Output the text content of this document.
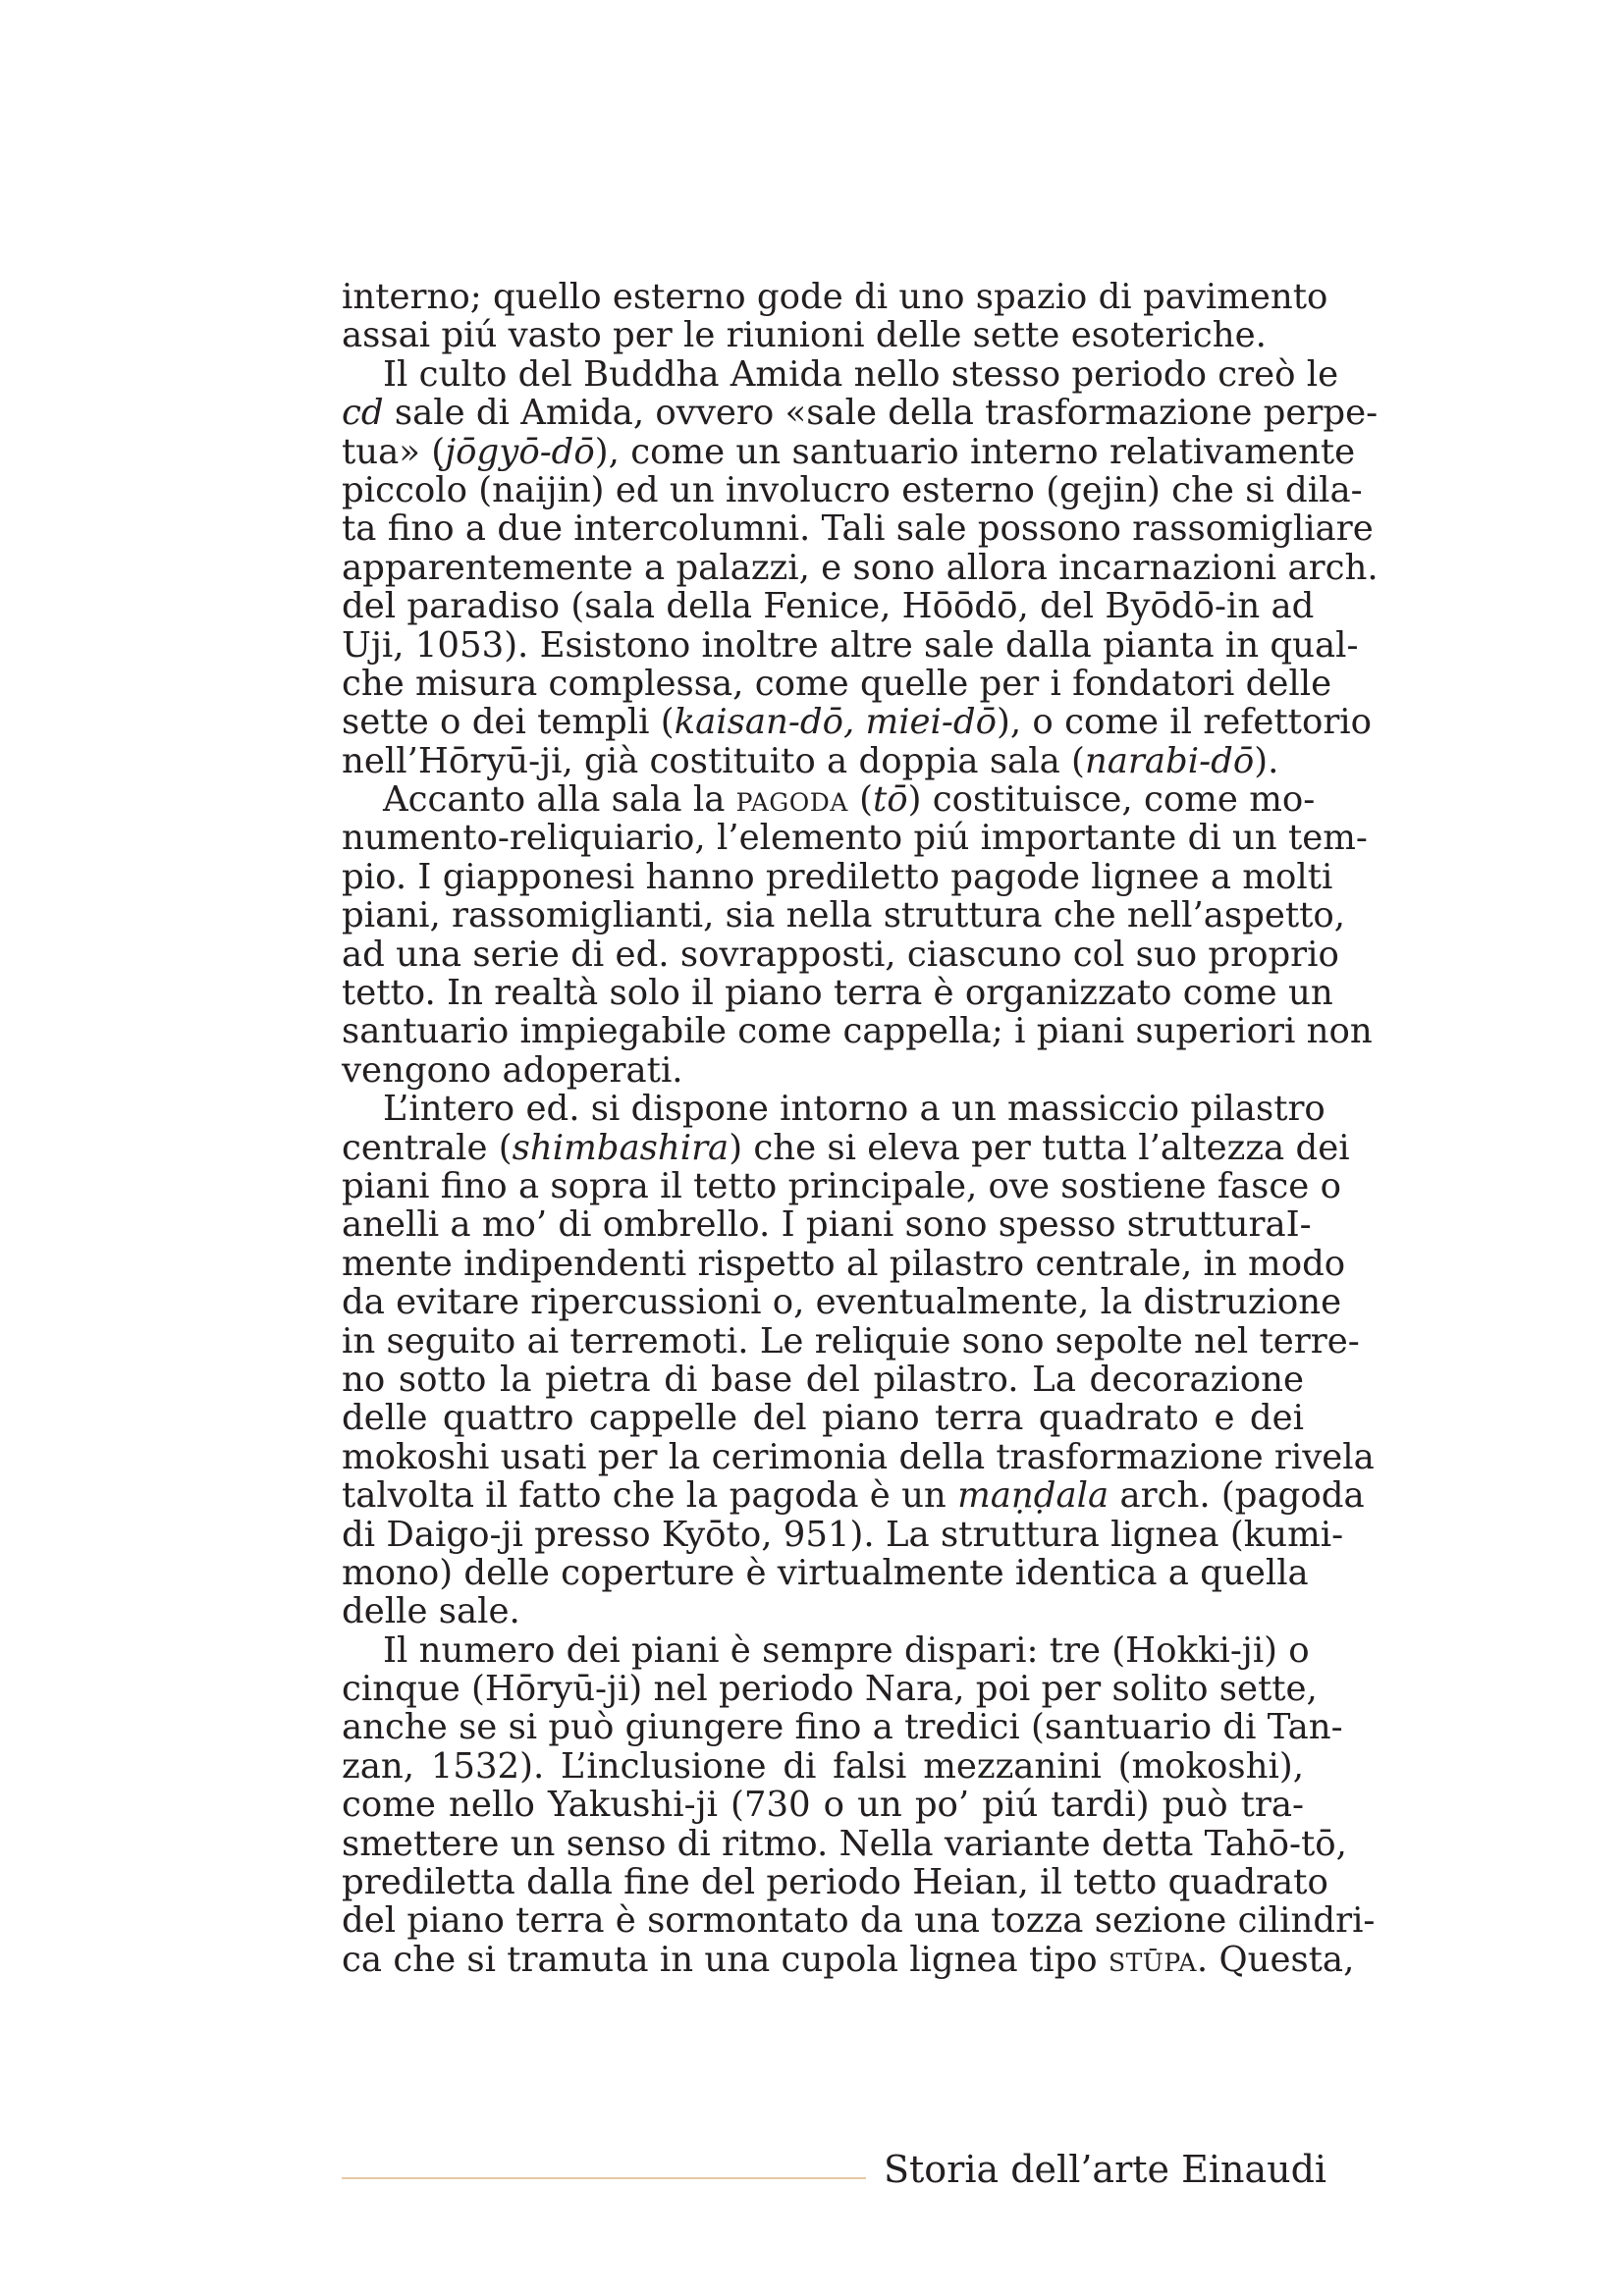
interno; quello esterno gode di uno spazio di pavimento
assai piú vasto per le riunioni delle sette esoteriche.
Il culto del Buddha Amida nello stesso periodo creò le
cd sale di Amida, ovvero «sale della trasformazione perpe-
tua» (jōgyō-dō), come un santuario interno relativamente
piccolo (naijin) ed un involucro esterno (gejin) che si dila-
ta fino a due intercolumni. Tali sale possono rassomigliare
apparentemente a palazzi, e sono allora incarnazioni arch.
del paradiso (sala della Fenice, Hōōdō, del Byōdō-in ad
Uji, 1053). Esistono inoltre altre sale dalla pianta in qual-
che misura complessa, come quelle per i fondatori delle
sette o dei templi (kaisan-dō, miei-dō), o come il refettorio
nell’Hōryū-ji, già costituito a doppia sala (narabi-dō).
Accanto alla sala la pagoda (tō) costituisce, come mo-
numento-reliquiario, l’elemento piú importante di un tem-
pio. I giapponesi hanno prediletto pagode lignee a molti
piani, rassomiglianti, sia nella struttura che nell’aspetto,
ad una serie di ed. sovrapposti, ciascuno col suo proprio
tetto. In realtà solo il piano terra è organizzato come un
santuario impiegabile come cappella; i piani superiori non
vengono adoperati.
L’intero ed. si dispone intorno a un massiccio pilastro
centrale (shimbashira) che si eleva per tutta l’altezza dei
piani fino a sopra il tetto principale, ove sostiene fasce o
anelli a mo’ di ombrello. I piani sono spesso strutturaI-
mente indipendenti rispetto al pilastro centrale, in modo
da evitare ripercussioni o, eventualmente, la distruzione
in seguito ai terremoti. Le reliquie sono sepolte nel terre-
no sotto la pietra di base del pilastro. La decorazione
delle quattro cappelle del piano terra quadrato e dei
mokoshi usati per la cerimonia della trasformazione rivela
talvolta il fatto che la pagoda è un maṇḍala arch. (pagoda
di Daigo-ji presso Kyōto, 951). La struttura lignea (kumi-
mono) delle coperture è virtualmente identica a quella
delle sale.
Il numero dei piani è sempre dispari: tre (Hokki-ji) o
cinque (Hōryū-ji) nel periodo Nara, poi per solito sette,
anche se si può giungere fino a tredici (santuario di Tan-
zan, 1532). L’inclusione di falsi mezzanini (mokoshi),
come nello Yakushi-ji (730 o un po’ piú tardi) può tra-
smettere un senso di ritmo. Nella variante detta Tahō-tō,
prediletta dalla fine del periodo Heian, il tetto quadrato
del piano terra è sormontato da una tozza sezione cilindri-
ca che si tramuta in una cupola lignea tipo stūpa. Questa,
Storia dell’arte Einaudi
